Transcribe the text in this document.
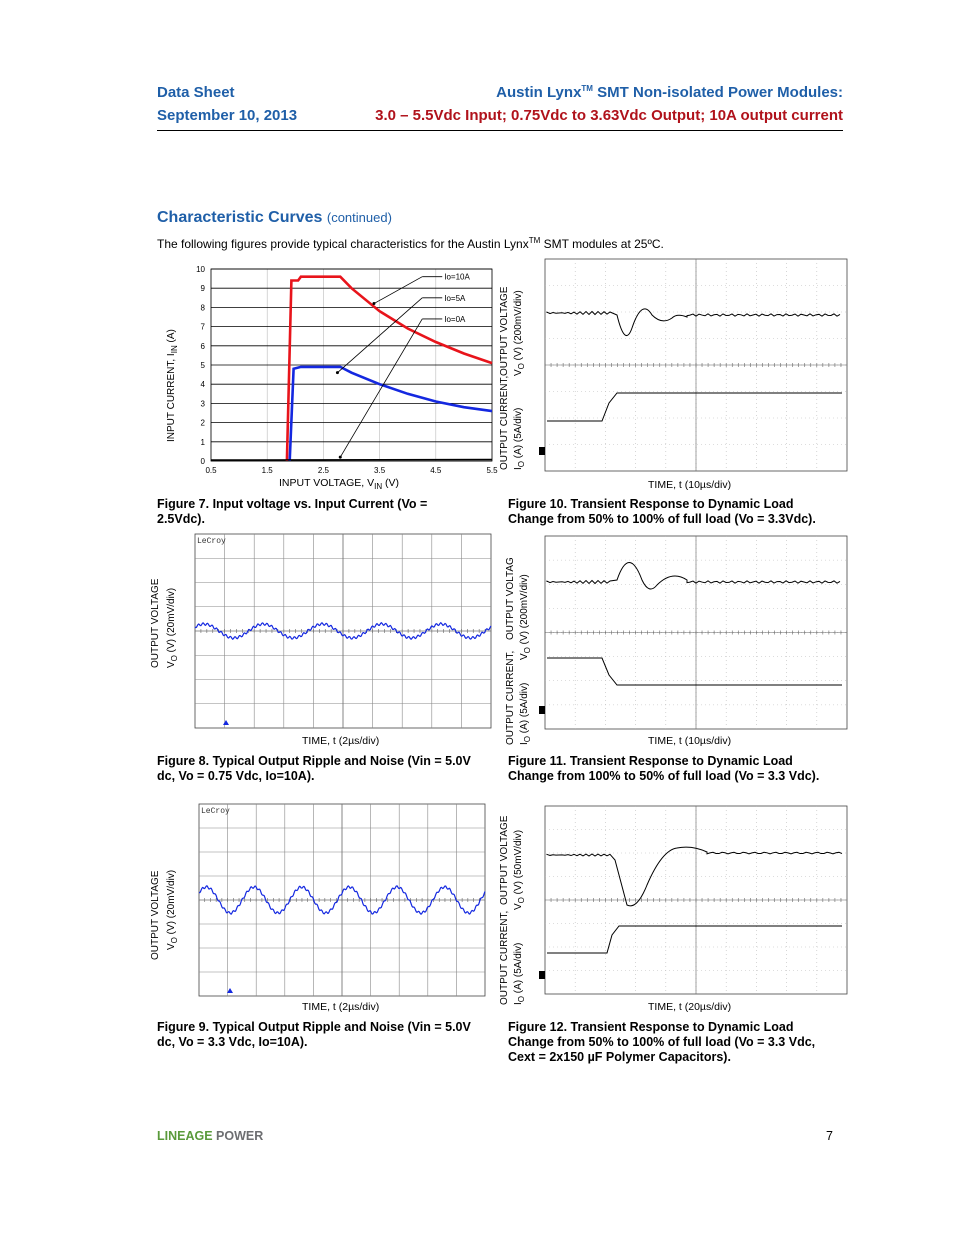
Data Sheet
September 10, 2013
Austin Lynx™ SMT Non-isolated Power Modules:
3.0 – 5.5Vdc Input; 0.75Vdc to 3.63Vdc Output; 10A output current
Characteristic Curves (continued)
The following figures provide typical characteristics for the Austin Lynx™ SMT modules at 25ºC.
0.5	1.5	2.5	3.5	4.5	5.5
0
1
2
3
4
5
6
7
8
9
10
Io=10A
Io=5A
Io=0A
INPUT CURRENT, $I_{IN}$ (A)
INPUT VOLTAGE, $V_{IN}$ (V)
Figure 7. Input voltage vs. Input Current (Vo =
2.5Vdc).
OUTPUT VOLTAGE $V_O$ (V) (200mV/div)
OUTPUT CURRENT, $I_O$ (A) (5A/div)
TIME, t (10µs/div)
Figure 10. Transient Response to Dynamic Load
Change from 50% to 100% of full load (Vo = 3.3Vdc).
LeCroy
OUTPUT VOLTAGE $V_O$ (V) (20mV/div)
TIME, t (2µs/div)
Figure 8. Typical Output Ripple and Noise (Vin = 5.0V
dc, Vo = 0.75 Vdc, Io=10A).
OUTPUT VOLTAG
$V_O$ (V) (200mV/div)
OUTPUT CURRENT, $I_O$ (A) (5A/div)
TIME, t (10µs/div)
Figure 11. Transient Response to Dynamic Load
Change from 100% to 50% of full load (Vo = 3.3 Vdc).
LeCroy
OUTPUT VOLTAGE $V_O$ (V) (20mV/div)
TIME, t (2µs/div)
Figure 9. Typical Output Ripple and Noise (Vin = 5.0V
dc, Vo = 3.3 Vdc, Io=10A).
OUTPUT VOLTAGE
$V_O$ (V) (50mV/div)
OUTPUT CURRENT, $I_O$ (A) (5A/div)
TIME, t (20µs/div)
Figure 12. Transient Response to Dynamic Load
Change from 50% to 100% of full load (Vo = 3.3 Vdc,
Cext = 2x150 µF Polymer Capacitors).
LINEAGE POWER	7
